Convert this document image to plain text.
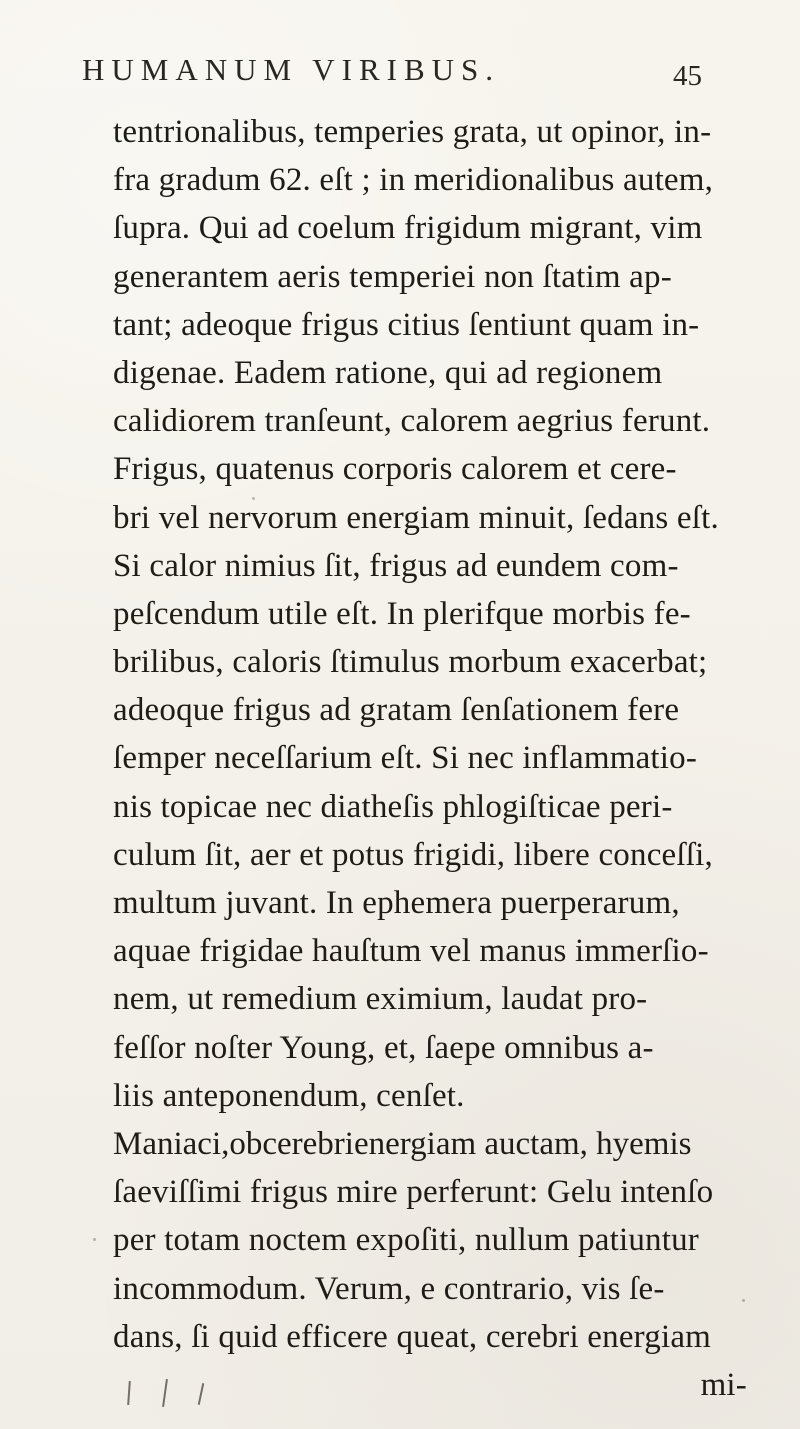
HUMANUM VIRIBUS.	45
tentrionalibus, temperies grata, ut opinor, in-
fra gradum 62. eſt ; in meridionalibus autem,
ſupra. Qui ad coelum frigidum migrant, vim
generantem aeris temperiei non ſtatim ap-
tant; adeoque frigus citius ſentiunt quam in-
digenae. Eadem ratione, qui ad regionem
calidiorem tranſeunt, calorem aegrius ferunt.
Frigus, quatenus corporis calorem et cere-
bri vel nervorum energiam minuit, ſedans eſt.
Si calor nimius ſit, frigus ad eundem com-
peſcendum utile eſt. In plerifque morbis fe-
brilibus, caloris ſtimulus morbum exacerbat;
adeoque frigus ad gratam ſenſationem fere
ſemper neceſſarium eſt. Si nec inflammatio-
nis topicae nec diatheſis phlogiſticae peri-
culum ſit, aer et potus frigidi, libere conceſſi,
multum juvant. In ephemera puerperarum,
aquae frigidae hauſtum vel manus immerſio-
nem, ut remedium eximium, laudat pro-
feſſor noſter Young, et, ſaepe omnibus a-
liis anteponendum, cenſet.
Maniaci,obcerebrienergiam auctam, hyemis
ſaeviſſimi frigus mire perferunt: Gelu intenſo
per totam noctem expoſiti, nullum patiuntur
incommodum. Verum, e contrario, vis ſe-
dans, ſi quid efficere queat, cerebri energiam
mi-
